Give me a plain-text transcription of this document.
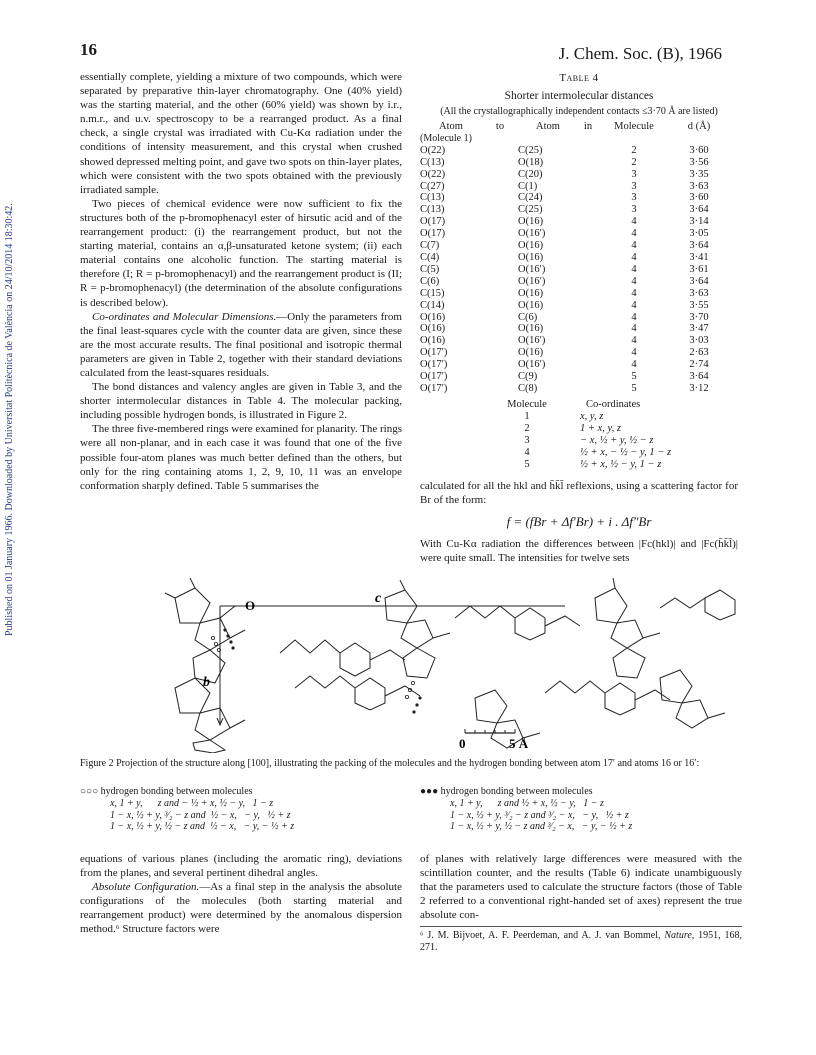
16	J. Chem. Soc. (B), 1966
Published on 01 January 1966. Downloaded by Universitat Politècnica de València on 24/10/2014 18:30:42.

essentially complete, yielding a mixture of two compounds, which were separated by preparative thin-layer chromatography. One (40% yield) was the starting material, and the other (60% yield) was shown by i.r., n.m.r., and u.v. spectroscopy to be a rearranged product. As a final check, a single crystal was irradiated with Cu-Kα radiation under the conditions of intensity measurement, and this crystal when crushed showed depressed melting point, and gave two spots on thin-layer plates, which were consistent with the two spots obtained with the previously irradiated sample.

Two pieces of chemical evidence were now sufficient to fix the structures both of the p-bromophenacyl ester of hirsutic acid and of the rearrangement product: (i) the rearrangement product, but not the starting material, contains an α,β-unsaturated ketone system; (ii) each material contains one alcoholic function. The starting material is therefore (I; R = p-bromophenacyl) and the rearrangement product is (II; R = p-bromophenacyl) (the determination of the absolute configurations is described below).

Co-ordinates and Molecular Dimensions.—Only the parameters from the final least-squares cycle with the counter data are given, since these are the most accurate results. The final positional and isotropic thermal parameters are given in Table 2, together with their standard deviations calculated from the least-squares residuals.

The bond distances and valency angles are given in Table 3, and the shorter intermolecular distances in Table 4. The molecular packing, including possible hydrogen bonds, is illustrated in Figure 2.

The three five-membered rings were examined for planarity. The rings were all non-planar, and in each case it was found that one of the five possible four-atom planes was much better defined than the others, but only for the ring containing atoms 1, 2, 9, 10, 11 was an envelope conformation sharply defined. Table 5 summarises the

Table 4
Shorter intermolecular distances
(All the crystallographically independent contacts ≤3·70 Å are listed)
Atom	to	Atom	in	Molecule	d (Å)
(Molecule 1)					
O(22)		C(25)		2	3·60
C(13)		O(18)		2	3·56
O(22)		C(20)		3	3·35
C(27)		C(1)		3	3·63
C(13)		C(24)		3	3·60
C(13)		C(25)		3	3·64
O(17)		O(16)		4	3·14
O(17)		O(16′)		4	3·05
C(7)		O(16)		4	3·64
C(4)		O(16)		4	3·41
C(5)		O(16′)		4	3·61
C(6)		O(16′)		4	3·64
C(15)		O(16)		4	3·63
C(14)		O(16)		4	3·55
O(16)		C(6)		4	3·70
O(16)		O(16)		4	3·47
O(16)		O(16′)		4	3·03
O(17′)		O(16)		4	2·63
O(17′)		O(16′)		4	2·74
O(17′)		C(9)		5	3·64
O(17′)		C(8)		5	3·12
Molecule	Co-ordinates
1	x, y, z
2	1 + x, y, z
3	− x, ½ + y, ½ − z
4	½ + x, − ½ − y, 1 − z
5	½ + x, ½ − y, 1 − z

calculated for all the hkl and h̄k̄l̄ reflexions, using a scattering factor for Br of the form:

f = (fBr + Δf′Br) + i . Δf″Br

With Cu-Kα radiation the differences between |Fc(hkl)| and |Fc(h̄k̄l̄)| were quite small. The intensities for twelve sets

O	c
b
0	5 Å
Figure 2 Projection of the structure along [100], illustrating the packing of the molecules and the hydrogen bonding between atom 17′ and atoms 16 or 16′:
○○○ hydrogen bonding between molecules
x, 1 + y,      z and − ½ + x, ½ − y,   1 − z
1 − x, ½ + y, ³⁄₂ − z and  ½ − x,   − y,   ½ + z
1 − x, ½ + y, ½ − z and  ½ − x,   − y, − ½ + z
●●● hydrogen bonding between molecules
x, 1 + y,      z and ½ + x, ½ − y,   1 − z
1 − x, ½ + y, ³⁄₂ − z and ³⁄₂ − x,   − y,   ½ + z
1 − x, ½ + y, ½ − z and ³⁄₂ − x,   − y, − ½ + z

equations of various planes (including the aromatic ring), deviations from the planes, and several pertinent dihedral angles.

Absolute Configuration.—As a final step in the analysis the absolute configurations of the molecules (both starting material and rearrangement product) were determined by the anomalous dispersion method.⁶ Structure factors were

of planes with relatively large differences were measured with the scintillation counter, and the results (Table 6) indicate unambiguously that the parameters used to calculate the structure factors (those of Table 2 referred to a conventional right-handed set of axes) represent the true absolute con-

⁶ J. M. Bijvoet, A. F. Peerdeman, and A. J. van Bommel, Nature, 1951, 168, 271.
